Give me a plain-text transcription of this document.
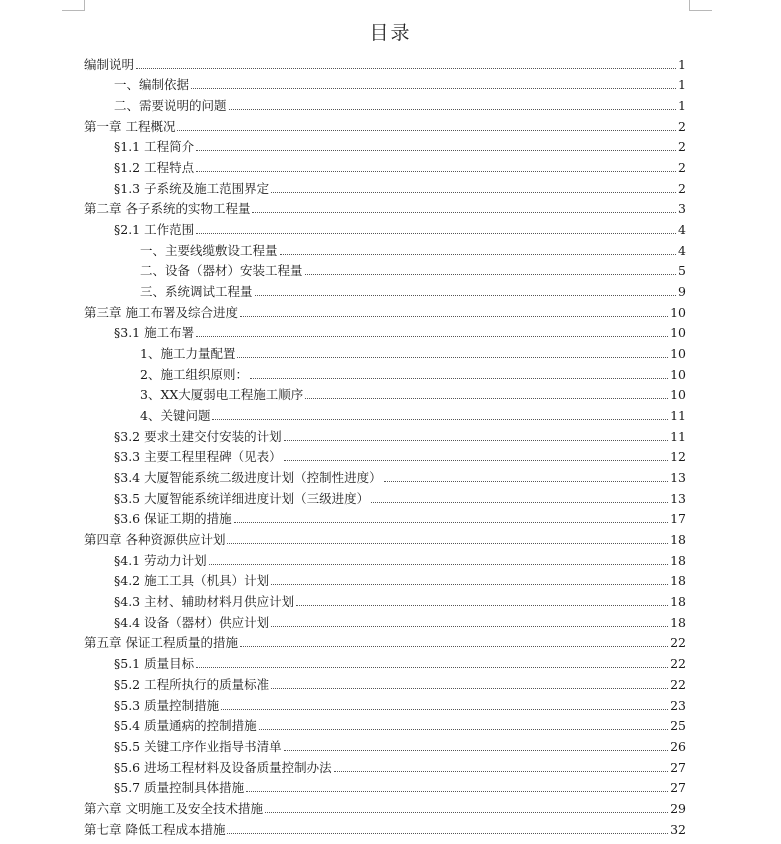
目录
编制说明	1
一、编制依据	1
二、需要说明的问题	1
第一章 工程概况	2
§1.1 工程简介	2
§1.2 工程特点	2
§1.3 子系统及施工范围界定	2
第二章 各子系统的实物工程量	3
§2.1 工作范围	4
一、主要线缆敷设工程量	4
二、设备（器材）安装工程量	5
三、系统调试工程量	9
第三章 施工布署及综合进度	10
§3.1 施工布署	10
1、施工力量配置	10
2、施工组织原则：	10
3、XX大厦弱电工程施工顺序	10
4、关键问题	11
§3.2 要求土建交付安装的计划	11
§3.3 主要工程里程碑（见表）	12
§3.4 大厦智能系统二级进度计划（控制性进度）	13
§3.5 大厦智能系统详细进度计划（三级进度）	13
§3.6 保证工期的措施	17
第四章 各种资源供应计划	18
§4.1 劳动力计划	18
§4.2 施工工具（机具）计划	18
§4.3 主材、辅助材料月供应计划	18
§4.4 设备（器材）供应计划	18
第五章 保证工程质量的措施	22
§5.1 质量目标	22
§5.2 工程所执行的质量标准	22
§5.3 质量控制措施	23
§5.4 质量通病的控制措施	25
§5.5 关键工序作业指导书清单	26
§5.6 进场工程材料及设备质量控制办法	27
§5.7 质量控制具体措施	27
第六章 文明施工及安全技术措施	29
第七章 降低工程成本措施	32
